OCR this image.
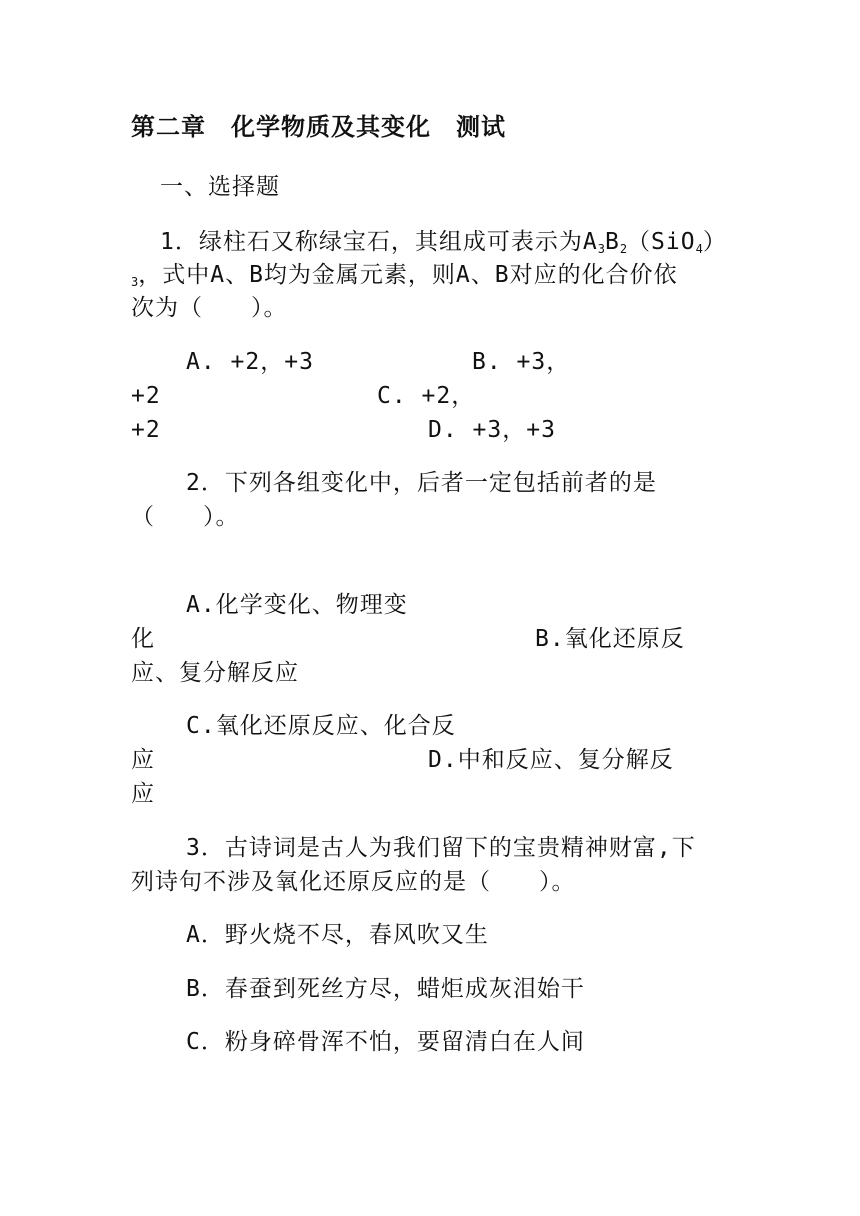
第二章　化学物质及其变化　测试
一、选择题
1．绿柱石又称绿宝石，其组成可表示为$A_3B_2(SiO_4)$
$_3$，式中A、B均为金属元素，则A、B对应的化合价依
次为（　　）。
A. +2，+3	B. +3，
+2	C. +2，
+2	D. +3，+3
2．下列各组变化中，后者一定包括前者的是
（　　）。
A.化学变化、物理变
化	B.氧化还原反
应、复分解反应
C.氧化还原反应、化合反
应	D.中和反应、复分解反
应
3．古诗词是古人为我们留下的宝贵精神财富,下
列诗句不涉及氧化还原反应的是（　　）。
A．野火烧不尽，春风吹又生
B．春蚕到死丝方尽，蜡炬成灰泪始干
C．粉身碎骨浑不怕，要留清白在人间
